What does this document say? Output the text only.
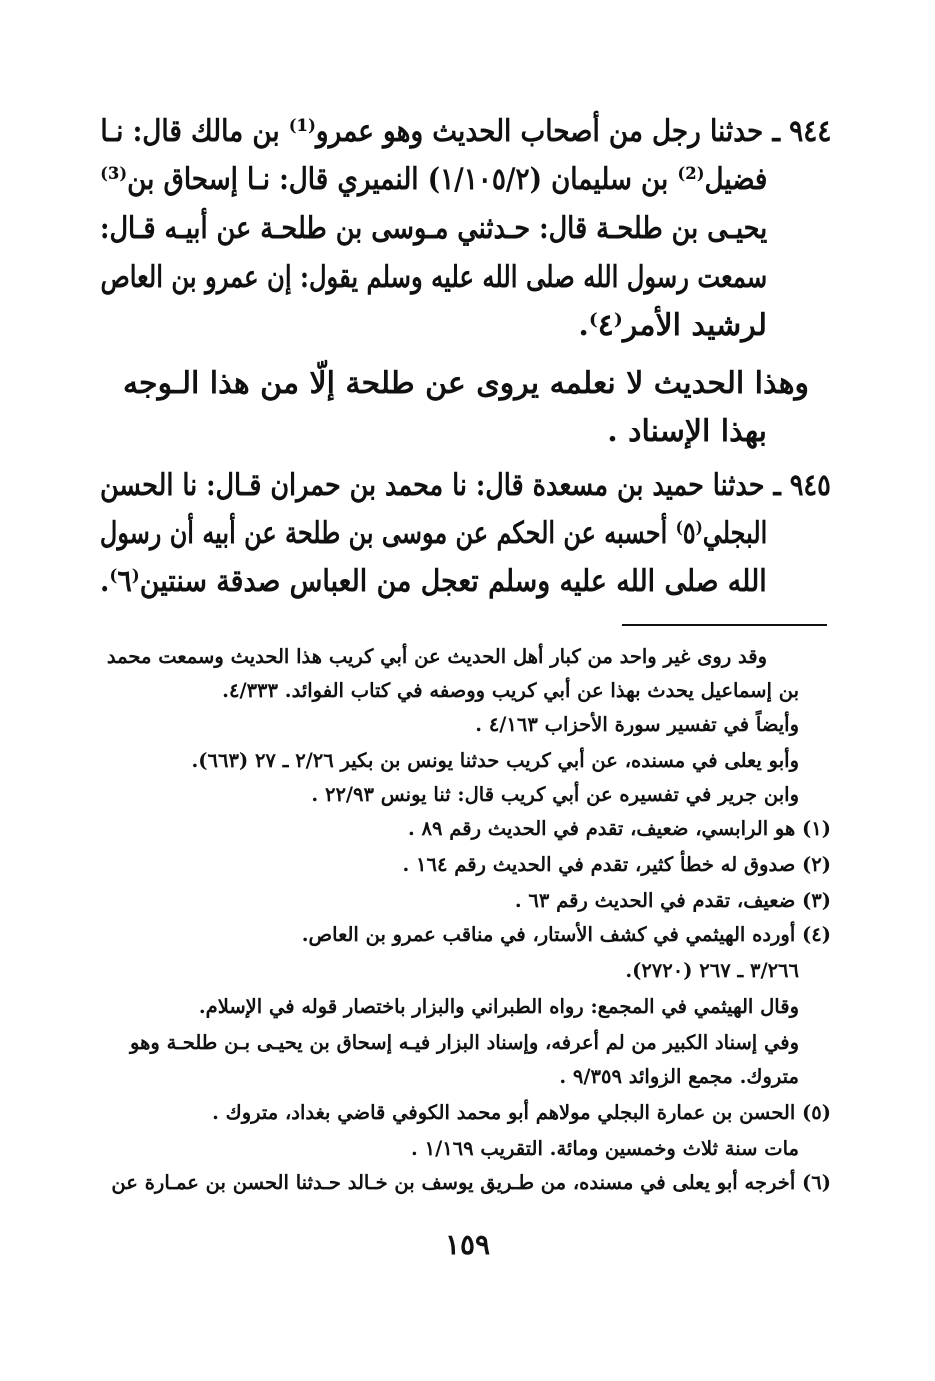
٩٤٤ ـ حدثنا رجل من أصحاب الحديث وهو عمرو⁽¹⁾ بن مالك قال: نـا
فضيل⁽²⁾ بن سليمان (١/١٠٥/٢) النميري قال: نـا إسحاق بن⁽³⁾
يحيـى بن طلحـة قال: حـدثني مـوسى بن طلحـة عن أبيـه قـال:
سمعت رسول الله صلى الله عليه وسلم يقول: إن عمرو بن العاص
لرشيد الأمر⁽٤⁾.
وهذا الحديث لا نعلمه يروى عن طلحة إلّا من هذا الـوجه
بهذا الإسناد .
٩٤٥ ـ حدثنا حميد بن مسعدة قال: نا محمد بن حمران قـال: نا الحسن
البجلي⁽٥⁾ أحسبه عن الحكم عن موسى بن طلحة عن أبيه أن رسول
الله صلى الله عليه وسلم تعجل من العباس صدقة سنتين⁽٦⁾.
وقد روى غير واحد من كبار أهل الحديث عن أبي كريب هذا الحديث وسمعت محمد
بن إسماعيل يحدث بهذا عن أبي كريب ووصفه في كتاب الفوائد. ٤/٣٣٣.
وأيضاً في تفسير سورة الأحزاب ٤/١٦٣ .
وأبو يعلى في مسنده، عن أبي كريب حدثنا يونس بن بكير ٢/٢٦ ـ ٢٧ (٦٦٣).
وابن جرير في تفسيره عن أبي كريب قال: ثنا يونس ٢٢/٩٣ .
(١) هو الرابسي، ضعيف، تقدم في الحديث رقم ٨٩ .
(٢) صدوق له خطأ كثير، تقدم في الحديث رقم ١٦٤ .
(٣) ضعيف، تقدم في الحديث رقم ٦٣ .
(٤) أورده الهيثمي في كشف الأستار، في مناقب عمرو بن العاص.
٣/٢٦٦ ـ ٢٦٧ (٢٧٢٠).
وقال الهيثمي في المجمع: رواه الطبراني والبزار باختصار قوله في الإسلام.
وفي إسناد الكبير من لم أعرفه، وإسناد البزار فيـه إسحاق بن يحيـى بـن طلحـة وهو
متروك. مجمع الزوائد ٩/٣٥٩ .
(٥) الحسن بن عمارة البجلي مولاهم أبو محمد الكوفي قاضي بغداد، متروك .
مات سنة ثلاث وخمسين ومائة. التقريب ١/١٦٩ .
(٦) أخرجه أبو يعلى في مسنده، من طـريق يوسف بن خـالد حـدثنا الحسن بن عمـارة عن
١٥٩
